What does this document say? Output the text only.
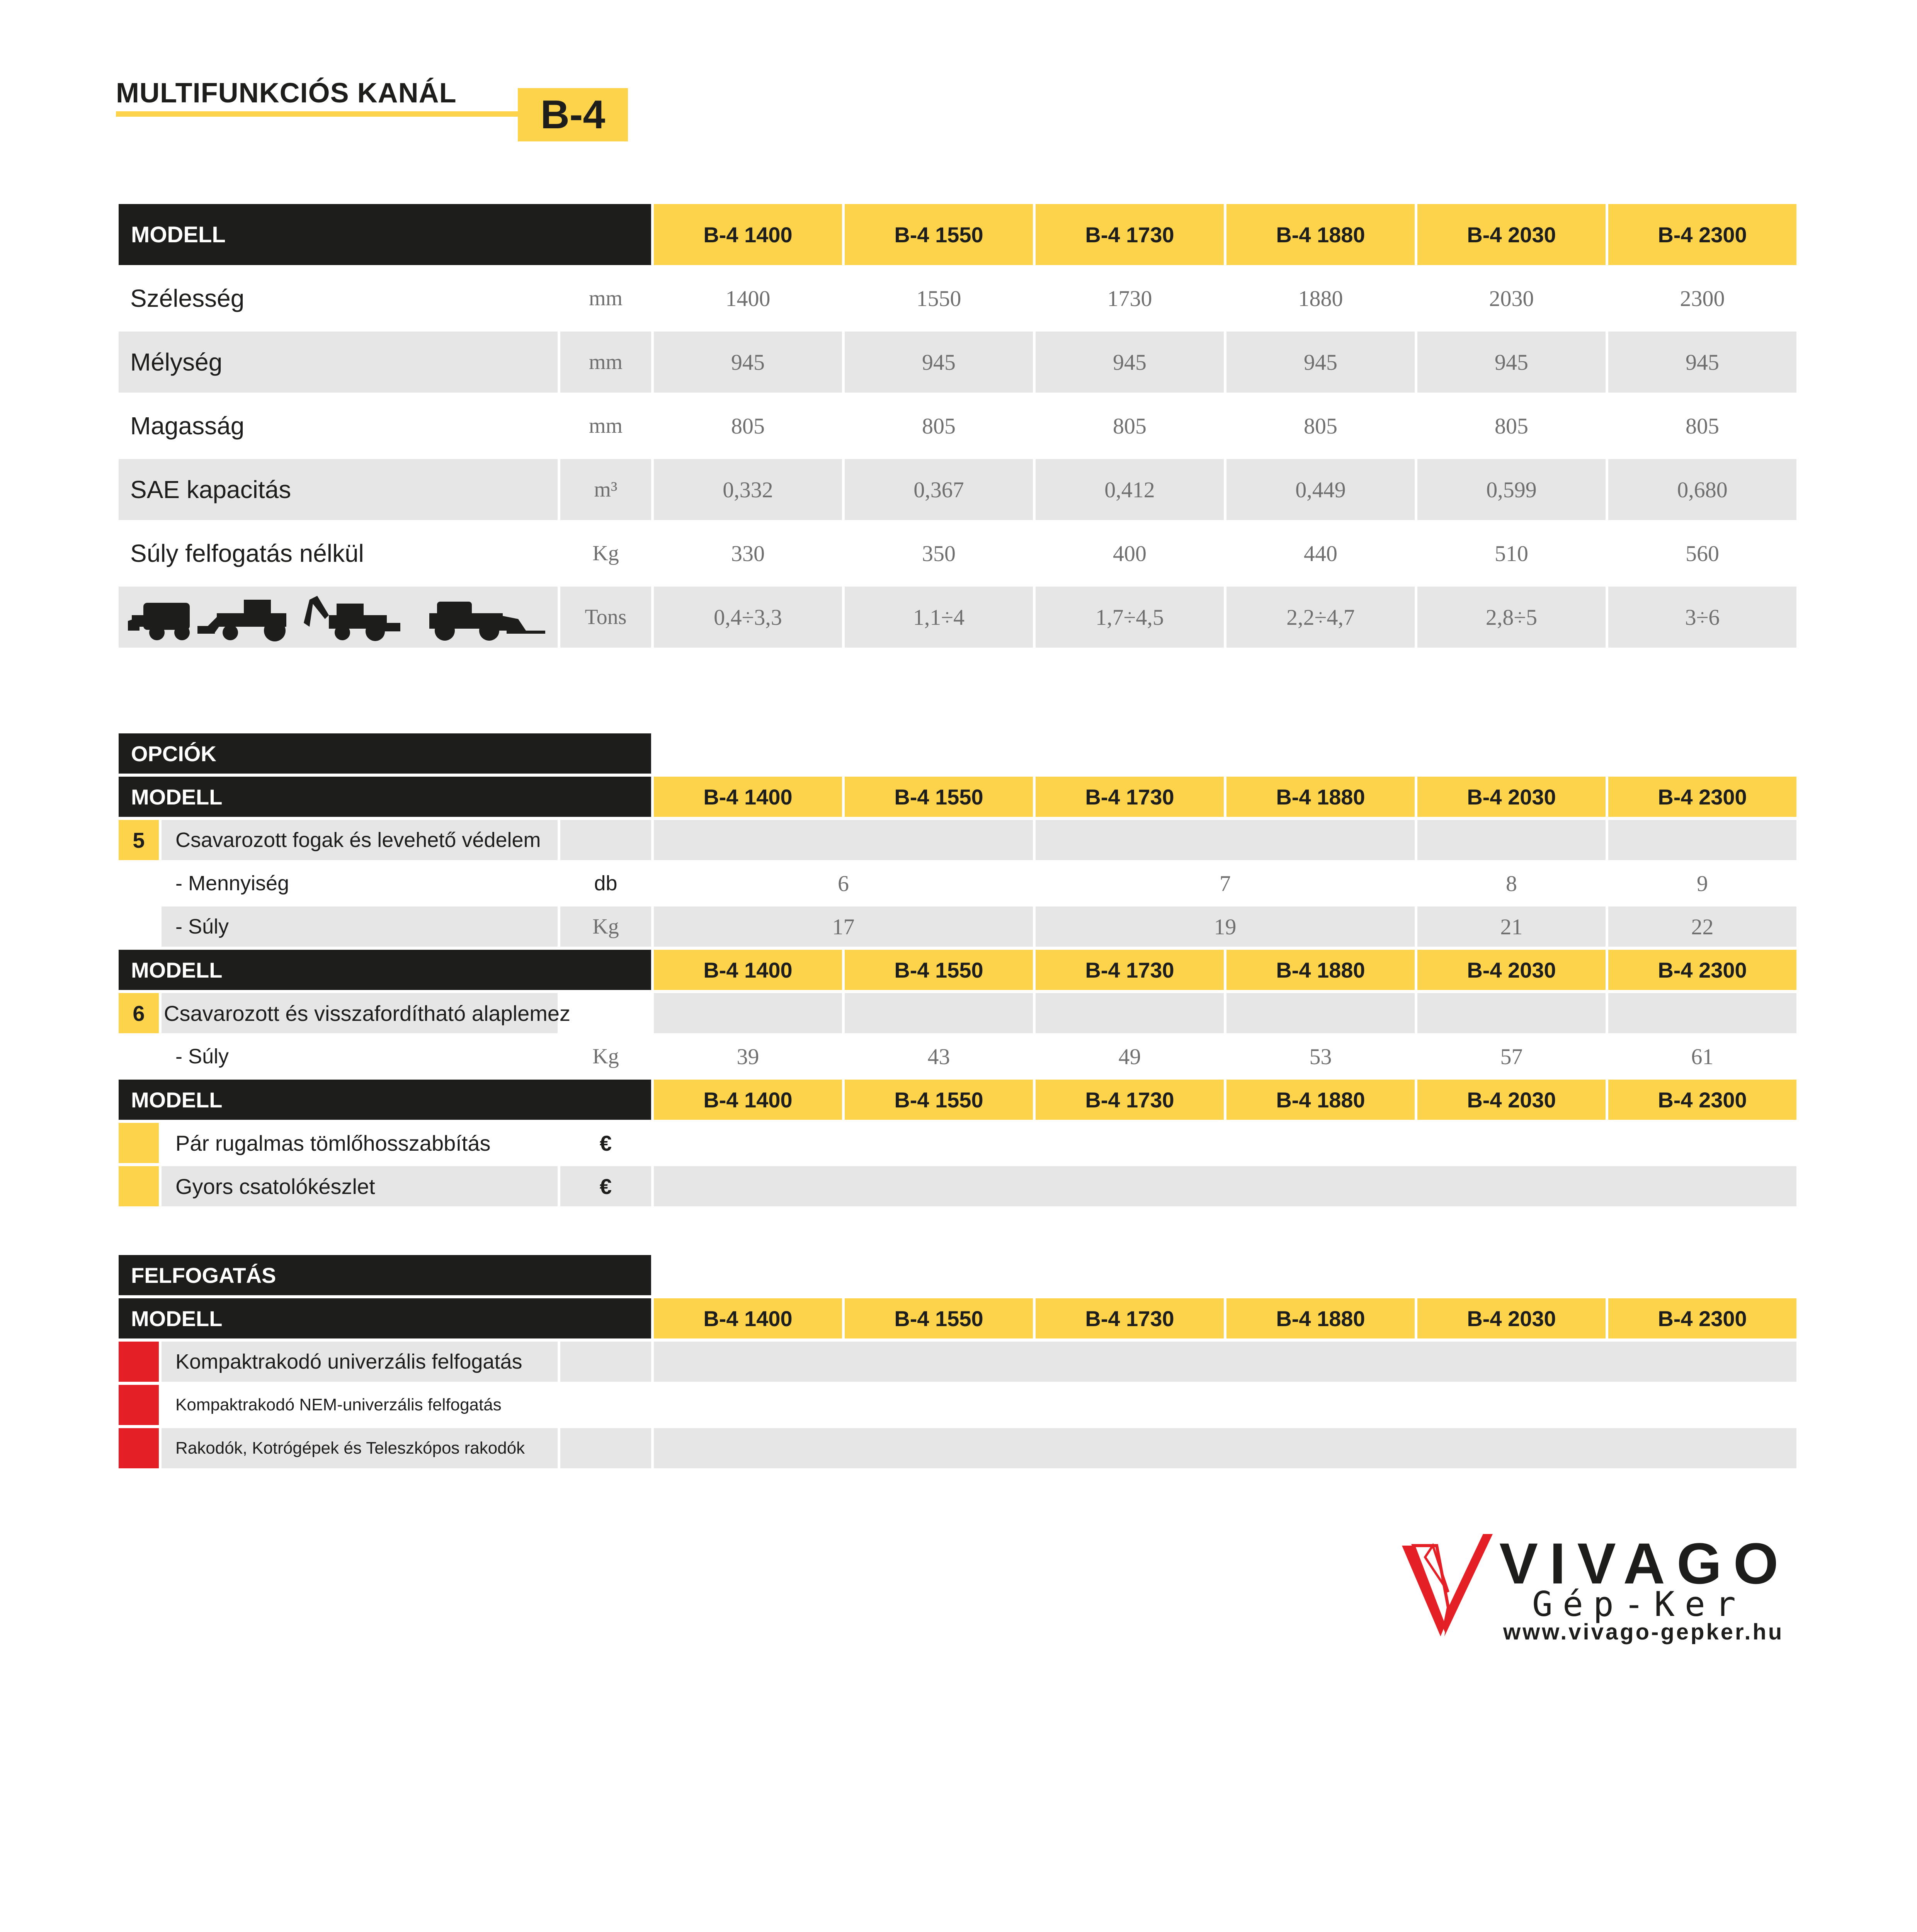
MULTIFUNKCIÓS KANÁL	B-4
MODELL	B-4 1400	B-4 1550	B-4 1730	B-4 1880	B-4 2030	B-4 2300
Szélesség	mm	1400	1550	1730	1880	2030	2300
Mélység	mm	945	945	945	945	945	945
Magasság	mm	805	805	805	805	805	805
SAE kapacitás	m³	0,332	0,367	0,412	0,449	0,599	0,680
Súly felfogatás nélkül	Kg	330	350	400	440	510	560
Tons	0,4÷3,3	1,1÷4	1,7÷4,5	2,2÷4,7	2,8÷5	3÷6
OPCIÓK
MODELL	B-4 1400	B-4 1550	B-4 1730	B-4 1880	B-4 2030	B-4 2300
5	Csavarozott fogak és levehető védelem
- Mennyiség	db	6	7	8	9
- Súly	Kg	17	19	21	22
MODELL	B-4 1400	B-4 1550	B-4 1730	B-4 1880	B-4 2030	B-4 2300
6 Csavarozott és visszafordítható alaplemez
- Súly	Kg	39	43	49	53	57	61
MODELL	B-4 1400	B-4 1550	B-4 1730	B-4 1880	B-4 2030	B-4 2300
Pár rugalmas tömlőhosszabbítás	€
Gyors csatolókészlet	€
FELFOGATÁS
MODELL	B-4 1400	B-4 1550	B-4 1730	B-4 1880	B-4 2030	B-4 2300
Kompaktrakodó univerzális felfogatás
Kompaktrakodó NEM-univerzális felfogatás
Rakodók, Kotrógépek és Teleszkópos rakodók
VIVAGO
Gép-Ker
www.vivago-gepker.hu
